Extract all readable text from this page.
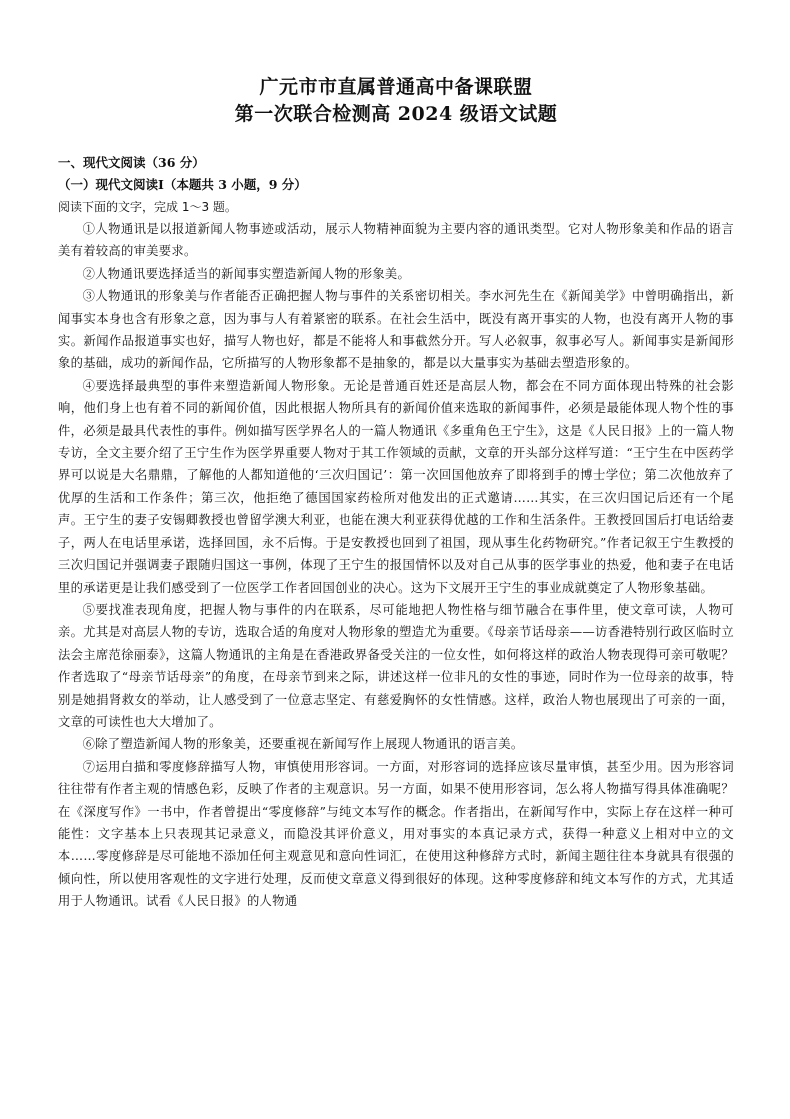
广元市市直属普通高中备课联盟
第一次联合检测高 2024 级语文试题
一、现代文阅读（36 分）
（一）现代文阅读Ⅰ（本题共 3 小题，9 分）
阅读下面的文字，完成 1～3 题。

①人物通讯是以报道新闻人物事迹或活动，展示人物精神面貌为主要内容的通讯类型。它对人物形象美和作品的语言美有着较高的审美要求。

②人物通讯要选择适当的新闻事实塑造新闻人物的形象美。

③人物通讯的形象美与作者能否正确把握人物与事件的关系密切相关。李水河先生在《新闻美学》中曾明确指出，新闻事实本身也含有形象之意，因为事与人有着紧密的联系。在社会生活中，既没有离开事实的人物，也没有离开人物的事实。新闻作品报道事实也好，描写人物也好，都是不能将人和事截然分开。写人必叙事，叙事必写人。新闻事实是新闻形象的基础，成功的新闻作品，它所描写的人物形象都不是抽象的，都是以大量事实为基础去塑造形象的。

④要选择最典型的事件来塑造新闻人物形象。无论是普通百姓还是高层人物，都会在不同方面体现出特殊的社会影响，他们身上也有着不同的新闻价值，因此根据人物所具有的新闻价值来选取的新闻事件，必须是最能体现人物个性的事件，必须是最具代表性的事件。例如描写医学界名人的一篇人物通讯《多重角色王宁生》，这是《人民日报》上的一篇人物专访，全文主要介绍了王宁生作为医学界重要人物对于其工作领域的贡献，文章的开头部分这样写道：“王宁生在中医药学界可以说是大名鼎鼎，了解他的人都知道他的‘三次归国记’：第一次回国他放弃了即将到手的博士学位；第二次他放弃了优厚的生活和工作条件；第三次，他拒绝了德国国家药检所对他发出的正式邀请……其实，在三次归国记后还有一个尾声。王宁生的妻子安锡卿教授也曾留学澳大利亚，也能在澳大利亚获得优越的工作和生活条件。王教授回国后打电话给妻子，两人在电话里承诺，选择回国，永不后悔。于是安教授也回到了祖国，现从事生化药物研究。”作者记叙王宁生教授的三次归国记并强调妻子跟随归国这一事例，体现了王宁生的报国情怀以及对自己从事的医学事业的热爱，他和妻子在电话里的承诺更是让我们感受到了一位医学工作者回国创业的决心。这为下文展开王宁生的事业成就奠定了人物形象基础。

⑤要找准表现角度，把握人物与事件的内在联系，尽可能地把人物性格与细节融合在事件里，使文章可读，人物可亲。尤其是对高层人物的专访，选取合适的角度对人物形象的塑造尤为重要。《母亲节话母亲——访香港特别行政区临时立法会主席范徐丽泰》，这篇人物通讯的主角是在香港政界备受关注的一位女性，如何将这样的政治人物表现得可亲可敬呢？作者选取了“母亲节话母亲”的角度，在母亲节到来之际，讲述这样一位非凡的女性的事迹，同时作为一位母亲的故事，特别是她捐肾救女的举动，让人感受到了一位意志坚定、有慈爱胸怀的女性情感。这样，政治人物也展现出了可亲的一面，文章的可读性也大大增加了。

⑥除了塑造新闻人物的形象美，还要重视在新闻写作上展现人物通讯的语言美。

⑦运用白描和零度修辞描写人物，审慎使用形容词。一方面，对形容词的选择应该尽量审慎，甚至少用。因为形容词往往带有作者主观的情感色彩，反映了作者的主观意识。另一方面，如果不使用形容词，怎么将人物描写得具体准确呢？在《深度写作》一书中，作者曾提出“零度修辞”与纯文本写作的概念。作者指出，在新闻写作中，实际上存在这样一种可能性：文字基本上只表现其记录意义，而隐没其评价意义，用对事实的本真记录方式，获得一种意义上相对中立的文本……零度修辞是尽可能地不添加任何主观意见和意向性词汇，在使用这种修辞方式时，新闻主题往往本身就具有很强的倾向性，所以使用客观性的文字进行处理，反而使文章意义得到很好的体现。这种零度修辞和纯文本写作的方式，尤其适用于人物通讯。试看《人民日报》的人物通
